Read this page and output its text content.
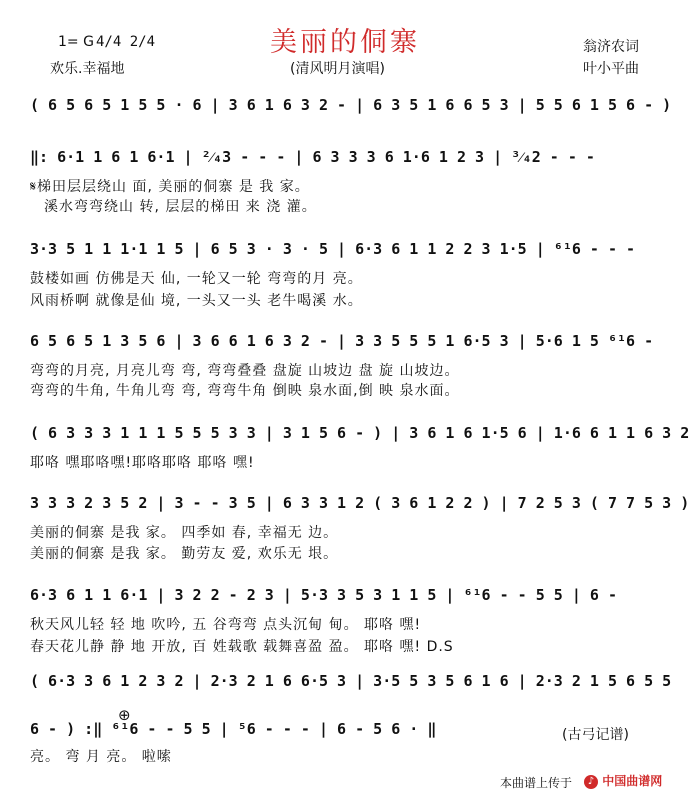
1= G 4/4 2/4	美丽的侗寨	翁济农词
欢乐.幸福地	(清风明月演唱)	叶小平曲
( 6 5 6 5 1 5 5 · 6 | 3 6 1 6 3 2 - | 6 3 5 1 6 6 5 3 | 5 5 6 1 5 6 - )
‖: 6·1 1 6 1 6·1 | ²⁄₄3 - - - | 6 3 3 3 6 1·6 1 2 3 | ³⁄₄2 - - -
𝄋梯田层层绕山 面, 美丽的侗寨 是 我 家。
溪水弯弯绕山 转, 层层的梯田 来 浇 灌。
3·3 5 1 1 1·1 1 5 | 6 5 3 · 3 · 5 | 6·3 6 1 1 2 2 3 1·5 | ⁶¹6 - - -
鼓楼如画 仿佛是天 仙, 一轮又一轮 弯弯的月 亮。
风雨桥啊 就像是仙 境, 一头又一头 老牛喝溪 水。
6 5 6 5 1 3 5 6 | 3 6 6 1 6 3 2 - | 3 3 5 5 5 1 6·5 3 | 5·6 1 5 ⁶¹6 -
弯弯的月亮, 月亮儿弯 弯, 弯弯叠叠 盘旋 山坡边 盘 旋 山坡边。
弯弯的牛角, 牛角儿弯 弯, 弯弯牛角 倒映 泉水面,倒 映 泉水面。
( 6 3 3 3 1 1 1 5 5 5 3 3 | 3 1 5 6 - ) | 3 6 1 6 1·5 6 | 1·6 6 1 1 6 3 2
耶咯 嘿耶咯嘿!耶咯耶咯 耶咯 嘿!
3 3 3 2 3 5 2 | 3 - - 3 5 | 6 3 3 1 2 ( 3 6 1 2 2 ) | 7 2 5 3 ( 7 7 5 3 )
美丽的侗寨 是我 家。 四季如 春, 幸福无 边。
美丽的侗寨 是我 家。 勤劳友 爱, 欢乐无 垠。
6·3 6 1 1 6·1 | 3 2 2 - 2 3 | 5·3 3 5 3 1 1 5 | ⁶¹6 - - 5 5 | 6 -
秋天风儿轻 轻 地 吹吟, 五 谷弯弯 点头沉甸 甸。 耶咯 嘿!
春天花儿静 静 地 开放, 百 姓载歌 载舞喜盈 盈。 耶咯 嘿! D.S
( 6·3 3 6 1 2 3 2 | 2·3 2 1 6 6·5 3 | 3·5 5 3 5 6 1 6 | 2·3 2 1 5 6 5 5
⊕
6 - ) :‖ ⁶¹6 - - 5 5 | ⁵6 - - - | 6 - 5 6 · ‖
亮。 弯 月 亮。 啦嗦
(古弓记谱)
本曲谱上传于	♪ 中国曲谱网
